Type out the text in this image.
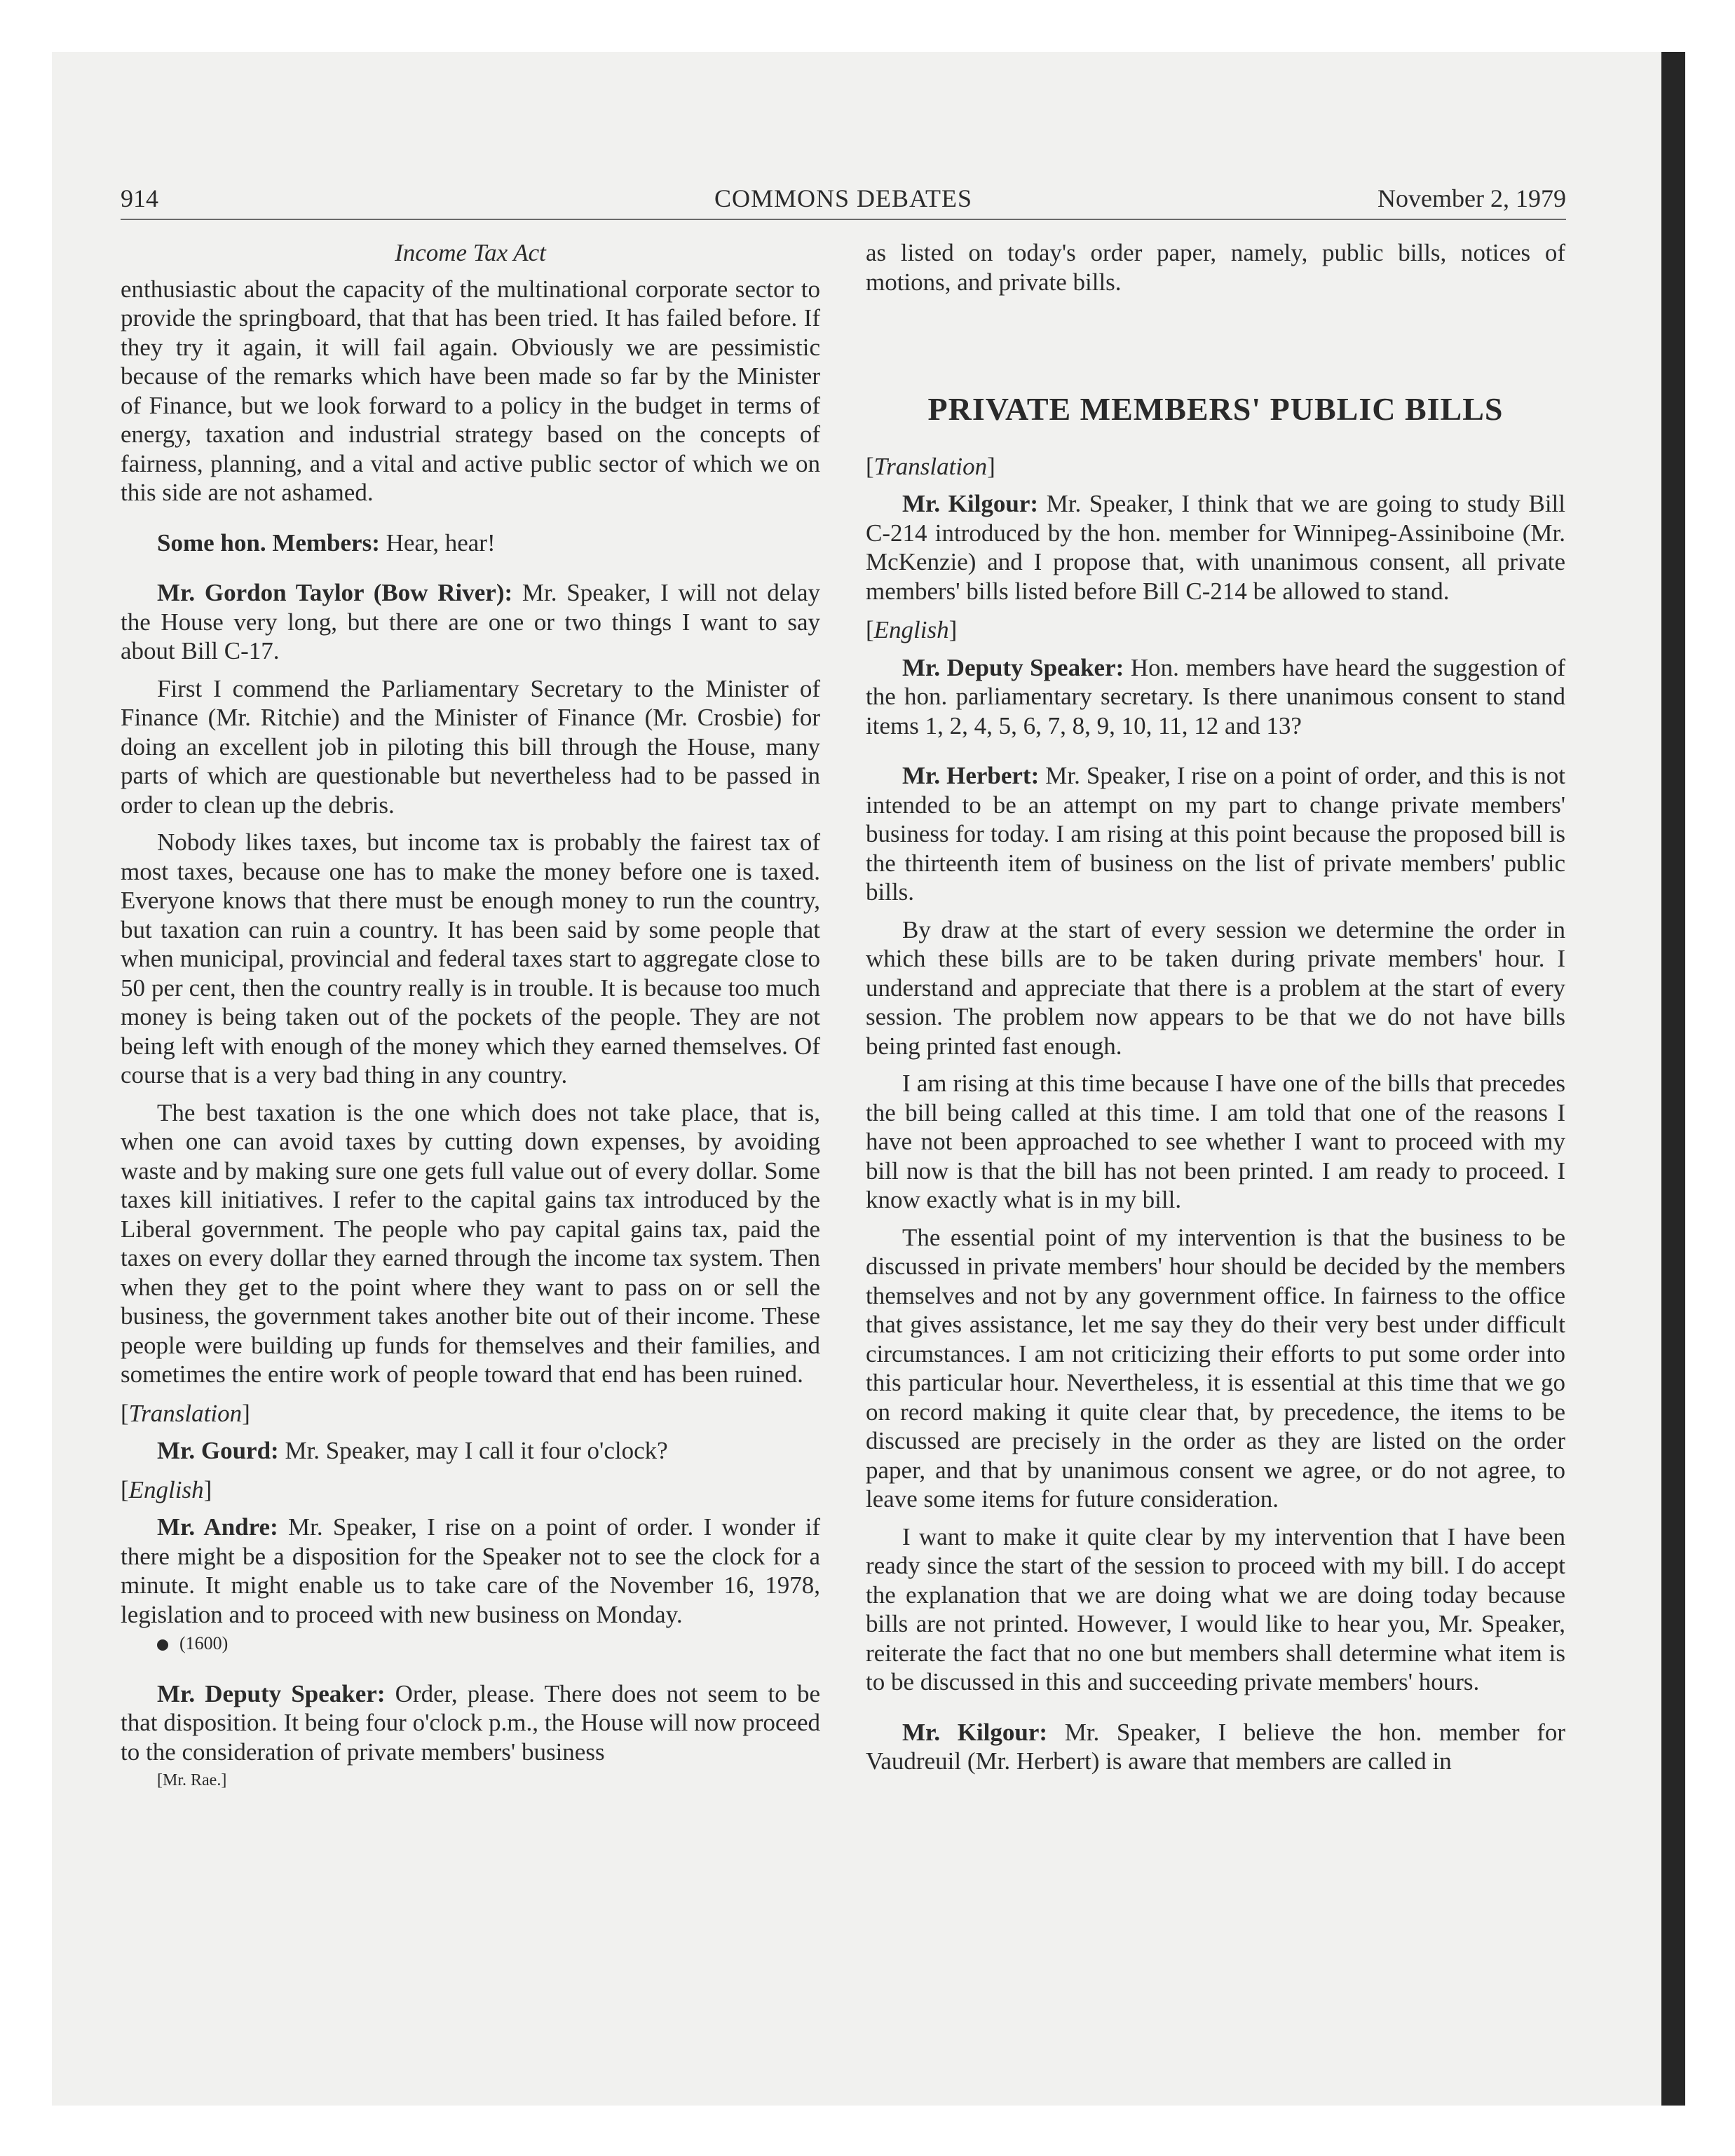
COMMONS DEBATES
914	November 2, 1979
Income Tax Act

enthusiastic about the capacity of the multinational corporate sector to provide the springboard, that that has been tried. It has failed before. If they try it again, it will fail again. Obviously we are pessimistic because of the remarks which have been made so far by the Minister of Finance, but we look forward to a policy in the budget in terms of energy, taxation and industrial strategy based on the concepts of fairness, planning, and a vital and active public sector of which we on this side are not ashamed.

Some hon. Members: Hear, hear!

Mr. Gordon Taylor (Bow River): Mr. Speaker, I will not delay the House very long, but there are one or two things I want to say about Bill C-17.

First I commend the Parliamentary Secretary to the Minister of Finance (Mr. Ritchie) and the Minister of Finance (Mr. Crosbie) for doing an excellent job in piloting this bill through the House, many parts of which are questionable but nevertheless had to be passed in order to clean up the debris.

Nobody likes taxes, but income tax is probably the fairest tax of most taxes, because one has to make the money before one is taxed. Everyone knows that there must be enough money to run the country, but taxation can ruin a country. It has been said by some people that when municipal, provincial and federal taxes start to aggregate close to 50 per cent, then the country really is in trouble. It is because too much money is being taken out of the pockets of the people. They are not being left with enough of the money which they earned themselves. Of course that is a very bad thing in any country.

The best taxation is the one which does not take place, that is, when one can avoid taxes by cutting down expenses, by avoiding waste and by making sure one gets full value out of every dollar. Some taxes kill initiatives. I refer to the capital gains tax introduced by the Liberal government. The people who pay capital gains tax, paid the taxes on every dollar they earned through the income tax system. Then when they get to the point where they want to pass on or sell the business, the government takes another bite out of their income. These people were building up funds for themselves and their families, and sometimes the entire work of people toward that end has been ruined.

[Translation]

Mr. Gourd: Mr. Speaker, may I call it four o'clock?

[English]

Mr. Andre: Mr. Speaker, I rise on a point of order. I wonder if there might be a disposition for the Speaker not to see the clock for a minute. It might enable us to take care of the November 16, 1978, legislation and to proceed with new business on Monday.

(1600)

Mr. Deputy Speaker: Order, please. There does not seem to be that disposition. It being four o'clock p.m., the House will now proceed to the consideration of private members' business

[Mr. Rae.]

as listed on today's order paper, namely, public bills, notices of motions, and private bills.

PRIVATE MEMBERS' PUBLIC BILLS

[Translation]

Mr. Kilgour: Mr. Speaker, I think that we are going to study Bill C-214 introduced by the hon. member for Winnipeg-Assiniboine (Mr. McKenzie) and I propose that, with unanimous consent, all private members' bills listed before Bill C-214 be allowed to stand.

[English]

Mr. Deputy Speaker: Hon. members have heard the suggestion of the hon. parliamentary secretary. Is there unanimous consent to stand items 1, 2, 4, 5, 6, 7, 8, 9, 10, 11, 12 and 13?

Mr. Herbert: Mr. Speaker, I rise on a point of order, and this is not intended to be an attempt on my part to change private members' business for today. I am rising at this point because the proposed bill is the thirteenth item of business on the list of private members' public bills.

By draw at the start of every session we determine the order in which these bills are to be taken during private members' hour. I understand and appreciate that there is a problem at the start of every session. The problem now appears to be that we do not have bills being printed fast enough.

I am rising at this time because I have one of the bills that precedes the bill being called at this time. I am told that one of the reasons I have not been approached to see whether I want to proceed with my bill now is that the bill has not been printed. I am ready to proceed. I know exactly what is in my bill.

The essential point of my intervention is that the business to be discussed in private members' hour should be decided by the members themselves and not by any government office. In fairness to the office that gives assistance, let me say they do their very best under difficult circumstances. I am not criticizing their efforts to put some order into this particular hour. Nevertheless, it is essential at this time that we go on record making it quite clear that, by precedence, the items to be discussed are precisely in the order as they are listed on the order paper, and that by unanimous consent we agree, or do not agree, to leave some items for future consideration.

I want to make it quite clear by my intervention that I have been ready since the start of the session to proceed with my bill. I do accept the explanation that we are doing what we are doing today because bills are not printed. However, I would like to hear you, Mr. Speaker, reiterate the fact that no one but members shall determine what item is to be discussed in this and succeeding private members' hours.

Mr. Kilgour: Mr. Speaker, I believe the hon. member for Vaudreuil (Mr. Herbert) is aware that members are called in
